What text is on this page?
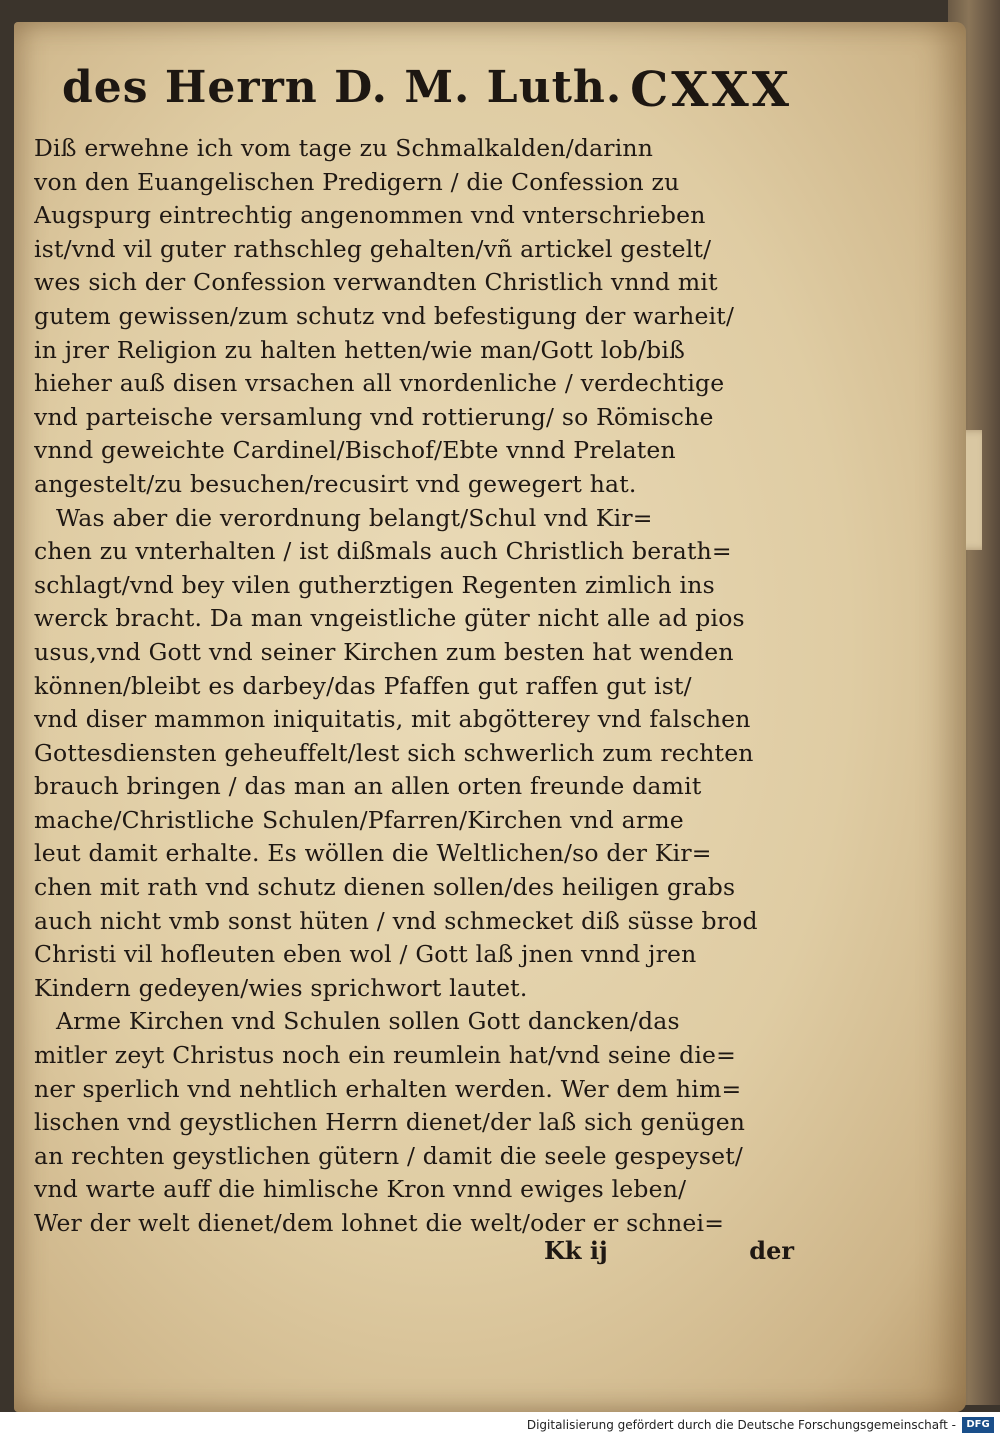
des Herrn D. M. Luth. CXXX
Diß erwehne ich vom tage zu Schmalkalden/darinn
von den Euangelischen Predigern / die Confession zu
Augspurg eintrechtig angenommen vnd vnterschrieben
ist/vnd vil guter rathschleg gehalten/vñ artickel gestelt/
wes sich der Confession verwandten Christlich vnnd mit
gutem gewissen/zum schutz vnd befestigung der warheit/
in jrer Religion zu halten hetten/wie man/Gott lob/biß
hieher auß disen vrsachen all vnordenliche / verdechtige
vnd parteische versamlung vnd rottierung/ so Römische
vnnd geweichte Cardinel/Bischof/Ebte vnnd Prelaten
angestelt/zu besuchen/recusirt vnd gewegert hat.
Was aber die verordnung belangt/Schul vnd Kir=
chen zu vnterhalten / ist dißmals auch Christlich berath=
schlagt/vnd bey vilen gutherztigen Regenten zimlich ins
werck bracht. Da man vngeistliche güter nicht alle ad pios
usus,vnd Gott vnd seiner Kirchen zum besten hat wenden
können/bleibt es darbey/das Pfaffen gut raffen gut ist/
vnd diser mammon iniquitatis, mit abgötterey vnd falschen
Gottesdiensten geheuffelt/lest sich schwerlich zum rechten
brauch bringen / das man an allen orten freunde damit
mache/Christliche Schulen/Pfarren/Kirchen vnd arme
leut damit erhalte. Es wöllen die Weltlichen/so der Kir=
chen mit rath vnd schutz dienen sollen/des heiligen grabs
auch nicht vmb sonst hüten / vnd schmecket diß süsse brod
Christi vil hofleuten eben wol / Gott laß jnen vnnd jren
Kindern gedeyen/wies sprichwort lautet.
Arme Kirchen vnd Schulen sollen Gott dancken/das
mitler zeyt Christus noch ein reumlein hat/vnd seine die=
ner sperlich vnd nehtlich erhalten werden. Wer dem him=
lischen vnd geystlichen Herrn dienet/der laß sich genügen
an rechten geystlichen gütern / damit die seele gespeyset/
vnd warte auff die himlische Kron vnnd ewiges leben/
Wer der welt dienet/dem lohnet die welt/oder er schnei=
Kk ij	der
Digitalisierung gefördert durch die Deutsche Forschungsgemeinschaft -	DFG
